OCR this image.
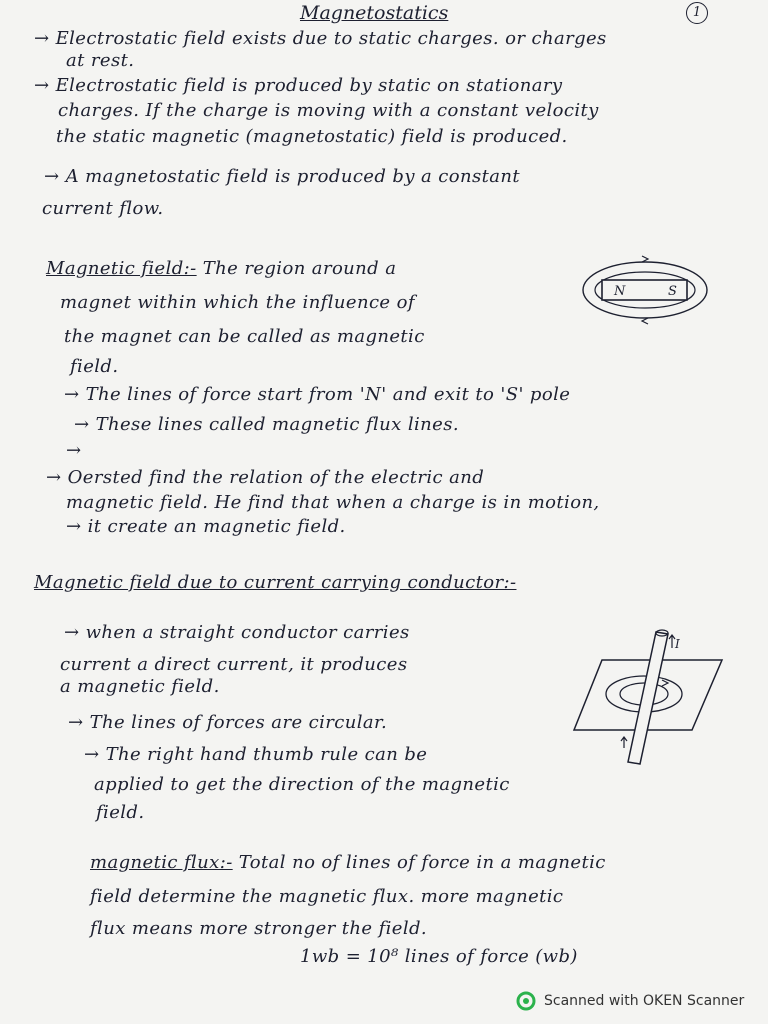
Magnetostatics	1
→ Electrostatic field exists due to static charges. or charges
at rest.
→ Electrostatic field is produced by static on stationary
charges. If the charge is moving with a constant velocity
the static magnetic (magnetostatic) field is produced.
→ A magnetostatic field is produced by a constant
current flow.
Magnetic field:- The region around a
magnet within which the influence of
the magnet can be called as magnetic
field.
→ The lines of force start from 'N' and exit to 'S' pole
→ These lines called magnetic flux lines.
→
→ Oersted find the relation of the electric and
magnetic field. He find that when a charge is in motion,
→ it create an magnetic field.
Magnetic field due to current carrying conductor:-
→ when a straight conductor carries
current a direct current, it produces
a magnetic field.
→ The lines of forces are circular.
→ The right hand thumb rule can be
applied to get the direction of the magnetic
field.
magnetic flux:- Total no of lines of force in a magnetic
field determine the magnetic flux. more magnetic
flux means more stronger the field.
1wb = 10⁸ lines of force (wb)
N	S
I
Scanned with OKEN Scanner
